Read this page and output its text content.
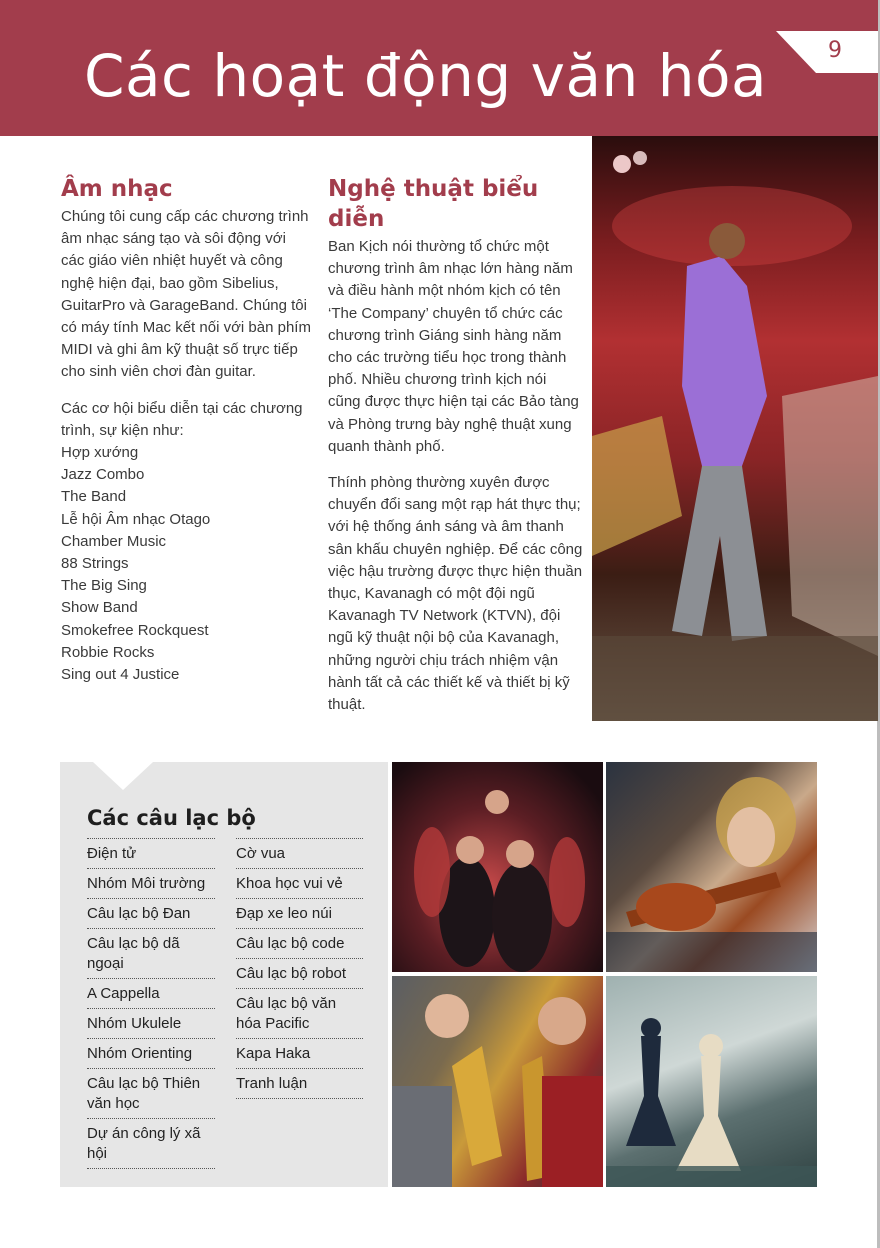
Các hoạt động văn hóa	9
Âm nhạc

Chúng tôi cung cấp các chương trình âm nhạc sáng tạo và sôi động với các giáo viên nhiệt huyết và công nghệ hiện đại, bao gồm Sibelius, GuitarPro và GarageBand. Chúng tôi có máy tính Mac kết nối với bàn phím MIDI và ghi âm kỹ thuật số trực tiếp cho sinh viên chơi đàn guitar.

Các cơ hội biểu diễn tại các chương trình, sự kiện như:

Hợp xướng
Jazz Combo
The Band
Lễ hội Âm nhạc Otago
Chamber Music
88 Strings
The Big Sing
Show Band
Smokefree Rockquest
Robbie Rocks
Sing out 4 Justice
Nghệ thuật biểu diễn

Ban Kịch nói thường tổ chức một chương trình âm nhạc lớn hàng năm và điều hành một nhóm kịch có tên ‘The Company’ chuyên tổ chức các chương trình Giáng sinh hàng năm cho các trường tiểu học trong thành phố. Nhiều chương trình kịch nói cũng được thực hiện tại các Bảo tàng và Phòng trưng bày nghệ thuật xung quanh thành phố.

Thính phòng thường xuyên được chuyển đổi sang một rạp hát thực thụ; với hệ thống ánh sáng và âm thanh sân khấu chuyên nghiệp. Để các công việc hậu trường được thực hiện thuần thục, Kavanagh có một đội ngũ Kavanagh TV Network (KTVN), đội ngũ kỹ thuật nội bộ của Kavanagh, những người chịu trách nhiệm vận hành tất cả các thiết kế và thiết bị kỹ thuật.

Các câu lạc bộ
Điện tử
Nhóm Môi trường
Câu lạc bộ Đan
Câu lạc bộ dã ngoại
A Cappella
Nhóm Ukulele
Nhóm Orienting
Câu lạc bộ Thiên văn học
Dự án công lý xã hội
Cờ vua
Khoa học vui vẻ
Đạp xe leo núi
Câu lạc bộ code
Câu lạc bộ robot
Câu lạc bộ văn hóa Pacific
Kapa Haka
Tranh luận
